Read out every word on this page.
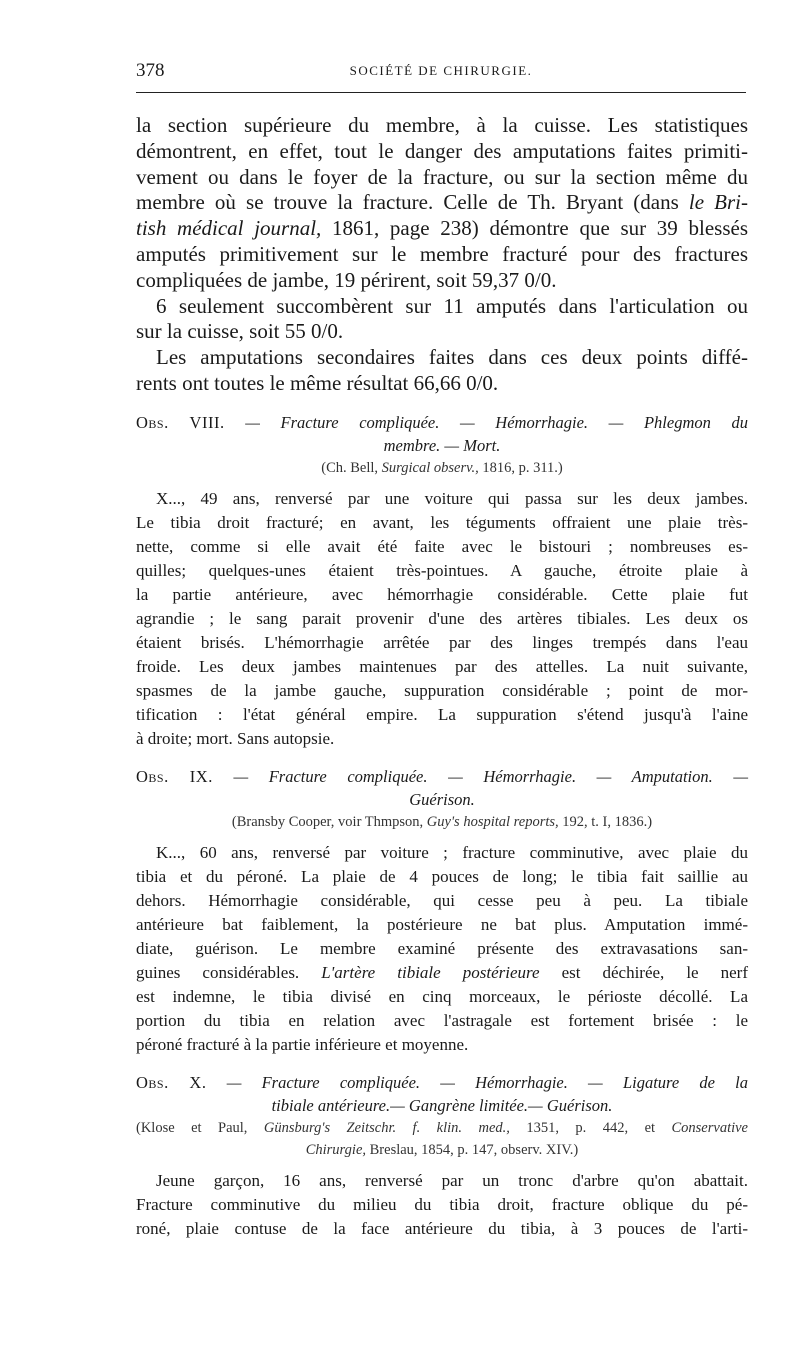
378	SOCIÉTÉ DE CHIRURGIE.
la section supérieure du membre, à la cuisse. Les statistiques
démontrent, en effet, tout le danger des amputations faites primiti-
vement ou dans le foyer de la fracture, ou sur la section même du
membre où se trouve la fracture. Celle de Th. Bryant (dans le Bri-
tish médical journal, 1861, page 238) démontre que sur 39 blessés
amputés primitivement sur le membre fracturé pour des fractures
compliquées de jambe, 19 périrent, soit 59,37 0/0.
6 seulement succombèrent sur 11 amputés dans l'articulation ou
sur la cuisse, soit 55 0/0.
Les amputations secondaires faites dans ces deux points diffé-
rents ont toutes le même résultat 66,66 0/0.
Obs. VIII. — Fracture compliquée. — Hémorrhagie. — Phlegmon du
membre. — Mort.
(Ch. Bell, Surgical observ., 1816, p. 311.)
X..., 49 ans, renversé par une voiture qui passa sur les deux jambes.
Le tibia droit fracturé; en avant, les téguments offraient une plaie très-
nette, comme si elle avait été faite avec le bistouri ; nombreuses es-
quilles; quelques-unes étaient très-pointues. A gauche, étroite plaie à
la partie antérieure, avec hémorrhagie considérable. Cette plaie fut
agrandie ; le sang parait provenir d'une des artères tibiales. Les deux os
étaient brisés. L'hémorrhagie arrêtée par des linges trempés dans l'eau
froide. Les deux jambes maintenues par des attelles. La nuit suivante,
spasmes de la jambe gauche, suppuration considérable ; point de mor-
tification : l'état général empire. La suppuration s'étend jusqu'à l'aine
à droite; mort. Sans autopsie.
Obs. IX. — Fracture compliquée. — Hémorrhagie. — Amputation. —
Guérison.
(Bransby Cooper, voir Thmpson, Guy's hospital reports, 192, t. I, 1836.)
K..., 60 ans, renversé par voiture ; fracture comminutive, avec plaie du
tibia et du péroné. La plaie de 4 pouces de long; le tibia fait saillie au
dehors. Hémorrhagie considérable, qui cesse peu à peu. La tibiale
antérieure bat faiblement, la postérieure ne bat plus. Amputation immé-
diate, guérison. Le membre examiné présente des extravasations san-
guines considérables. L'artère tibiale postérieure est déchirée, le nerf
est indemne, le tibia divisé en cinq morceaux, le périoste décollé. La
portion du tibia en relation avec l'astragale est fortement brisée : le
péroné fracturé à la partie inférieure et moyenne.
Obs. X. — Fracture compliquée. — Hémorrhagie. — Ligature de la
tibiale antérieure.— Gangrène limitée.— Guérison.
(Klose et Paul, Günsburg's Zeitschr. f. klin. med., 1351, p. 442, et Conservative
Chirurgie, Breslau, 1854, p. 147, observ. XIV.)
Jeune garçon, 16 ans, renversé par un tronc d'arbre qu'on abattait.
Fracture comminutive du milieu du tibia droit, fracture oblique du pé-
roné, plaie contuse de la face antérieure du tibia, à 3 pouces de l'arti-
